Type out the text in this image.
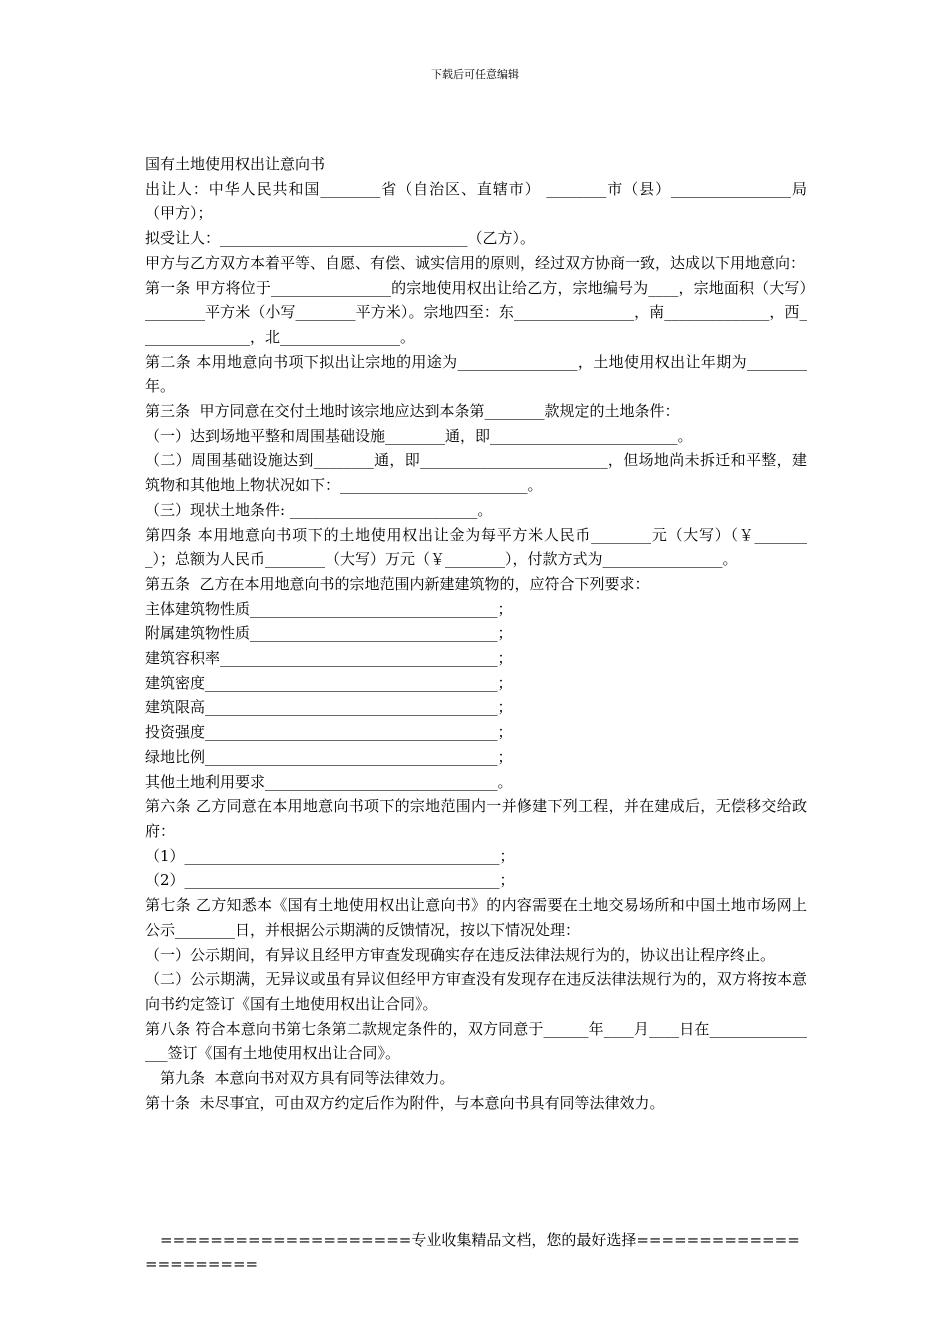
下载后可任意编辑

国有土地使用权出让意向书

出让人：中华人民共和国________省（自治区、直辖市） ________市（县）________________局（甲方）；

拟受让人：_________________________________（乙方）。

甲方与乙方双方本着平等、自愿、有偿、诚实信用的原则，经过双方协商一致，达成以下用地意向：

第一条 甲方将位于________________的宗地使用权出让给乙方，宗地编号为____，宗地面积（大写）________平方米（小写________平方米）。宗地四至：东________________，南______________，西_______________，北________________。

第二条 本用地意向书项下拟出让宗地的用途为________________，土地使用权出让年期为________年。

第三条  甲方同意在交付土地时该宗地应达到本条第________款规定的土地条件：

（一）达到场地平整和周围基础设施________通，即_________________________。

（二）周围基础设施达到________通，即_________________________，但场地尚未拆迁和平整，建筑物和其他地上物状况如下：_________________________。

（三）现状土地条件: _________________________。

第四条 本用地意向书项下的土地使用权出让金为每平方米人民币________元（大写）（￥________）；总额为人民币________（大写）万元（￥________），付款方式为________________。

第五条  乙方在本用地意向书的宗地范围内新建建筑物的，应符合下列要求：

主体建筑物性质_________________________________；

附属建筑物性质_________________________________；

建筑容积率_____________________________________；

建筑密度_______________________________________；

建筑限高_______________________________________；

投资强度_______________________________________；

绿地比例_______________________________________；

其他土地利用要求_______________________________。

第六条 乙方同意在本用地意向书项下的宗地范围内一并修建下列工程，并在建成后，无偿移交给政府：

（1）__________________________________________；

（2）__________________________________________；

第七条 乙方知悉本《国有土地使用权出让意向书》的内容需要在土地交易场所和中国土地市场网上公示________日，并根据公示期满的反馈情况，按以下情况处理：

（一）公示期间，有异议且经甲方审查发现确实存在违反法律法规行为的，协议出让程序终止。

（二）公示期满，无异议或虽有异议但经甲方审查没有发现存在违反法律法规行为的，双方将按本意向书约定签订《国有土地使用权出让合同》。

第八条 符合本意向书第七条第二款规定条件的，双方同意于______年____月____日在________________签订《国有土地使用权出让合同》。

第九条  本意向书对双方具有同等法律效力。

第十条  未尽事宜，可由双方约定后作为附件，与本意向书具有同等法律效力。

====================专业收集精品文档，您的最好选择======================
